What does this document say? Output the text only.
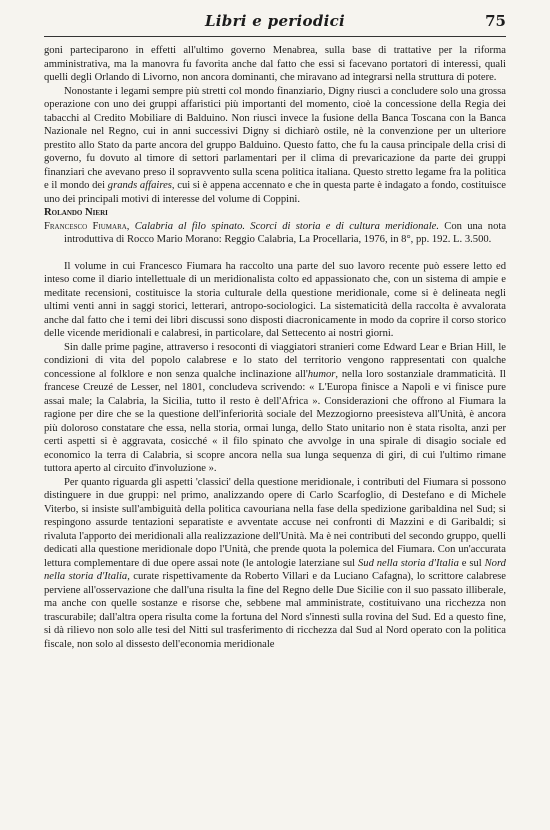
Libri e periodici	75

goni parteciparono in effetti all'ultimo governo Menabrea, sulla base di trattative per la riforma amministrativa, ma la manovra fu favorita anche dal fatto che essi si facevano portatori di interessi, quali quelli degli Orlando di Livorno, non ancora dominanti, che miravano ad integrarsi nella struttura di potere.

Nonostante i legami sempre più stretti col mondo finanziario, Digny riuscì a concludere solo una grossa operazione con uno dei gruppi affaristici più importanti del momento, cioè la concessione della Regia dei tabacchi al Credito Mobiliare di Balduino. Non riuscì invece la fusione della Banca Toscana con la Banca Nazionale nel Regno, cui in anni successivi Digny si dichiarò ostile, nè la convenzione per un ulteriore prestito allo Stato da parte ancora del gruppo Balduino. Questo fatto, che fu la causa principale della crisi di governo, fu dovuto al timore di settori parlamentari per il clima di prevaricazione da parte dei gruppi finanziari che avevano preso il sopravvento sulla scena politica italiana. Questo stretto legame fra la politica e il mondo dei grands affaires, cui si è appena accennato e che in questa parte è indagato a fondo, costituisce uno dei principali motivi di interesse del volume di Coppini.

Rolando Nieri

Francesco Fiumara, Calabria al filo spinato. Scorci di storia e di cultura meridionale. Con una nota introduttiva di Rocco Mario Morano: Reggio Calabria, La Procellaria, 1976, in 8°, pp. 192. L. 3.500.

Il volume in cui Francesco Fiumara ha raccolto una parte del suo lavoro recente può essere letto ed inteso come il diario intellettuale di un meridionalista colto ed appassionato che, con un sistema di ampie e meditate recensioni, costituisce la storia culturale della questione meridionale, come si è delineata negli ultimi venti anni in saggi storici, letterari, antropo-sociologici. La sistematicità della raccolta è avvalorata anche dal fatto che i temi dei libri discussi sono disposti diacronicamente in modo da coprire il corso storico delle vicende meridionali e calabresi, in particolare, dal Settecento ai nostri giorni.

Sin dalle prime pagine, attraverso i resoconti di viaggiatori stranieri come Edward Lear e Brian Hill, le condizioni di vita del popolo calabrese e lo stato del territorio vengono rappresentati con qualche concessione al folklore e non senza qualche inclinazione all'humor, nella loro sostanziale drammaticità. Il francese Creuzé de Lesser, nel 1801, concludeva scrivendo: « L'Europa finisce a Napoli e vi finisce pure assai male; la Calabria, la Sicilia, tutto il resto è dell'Africa ». Considerazioni che offrono al Fiumara la ragione per dire che se la questione dell'inferiorità sociale del Mezzogiorno preesisteva all'Unità, è ancora più doloroso constatare che essa, nella storia, ormai lunga, dello Stato unitario non è stata risolta, anzi per certi aspetti si è aggravata, cosicché « il filo spinato che avvolge in una spirale di disagio sociale ed economico la terra di Calabria, si scopre ancora nella sua lunga sequenza di giri, di cui l'ultimo rimane tuttora aperto al circuito d'involuzione ».

Per quanto riguarda gli aspetti 'classici' della questione meridionale, i contributi del Fiumara si possono distinguere in due gruppi: nel primo, analizzando opere di Carlo Scarfoglio, di Destefano e di Michele Viterbo, si insiste sull'ambiguità della politica cavouriana nella fase della spedizione garibaldina nel Sud; si respingono assurde tentazioni separatiste e avventate accuse nei confronti di Mazzini e di Garibaldi; si rivaluta l'apporto dei meridionali alla realizzazione dell'Unità. Ma è nei contributi del secondo gruppo, quelli dedicati alla questione meridionale dopo l'Unità, che prende quota la polemica del Fiumara. Con un'accurata lettura complementare di due opere assai note (le antologie laterziane sul Sud nella storia d'Italia e sul Nord nella storia d'Italia, curate rispettivamente da Roberto Villari e da Luciano Cafagna), lo scrittore calabrese perviene all'osservazione che dall'una risulta la fine del Regno delle Due Sicilie con il suo passato illiberale, ma anche con quelle sostanze e risorse che, sebbene mal amministrate, costituivano una ricchezza non trascurabile; dall'altra opera risulta come la fortuna del Nord s'innestì sulla rovina del Sud. Ed a questo fine, si dà rilievo non solo alle tesi del Nitti sul trasferimento di ricchezza dal Sud al Nord operato con la politica fiscale, non solo al dissesto dell'economia meridionale
